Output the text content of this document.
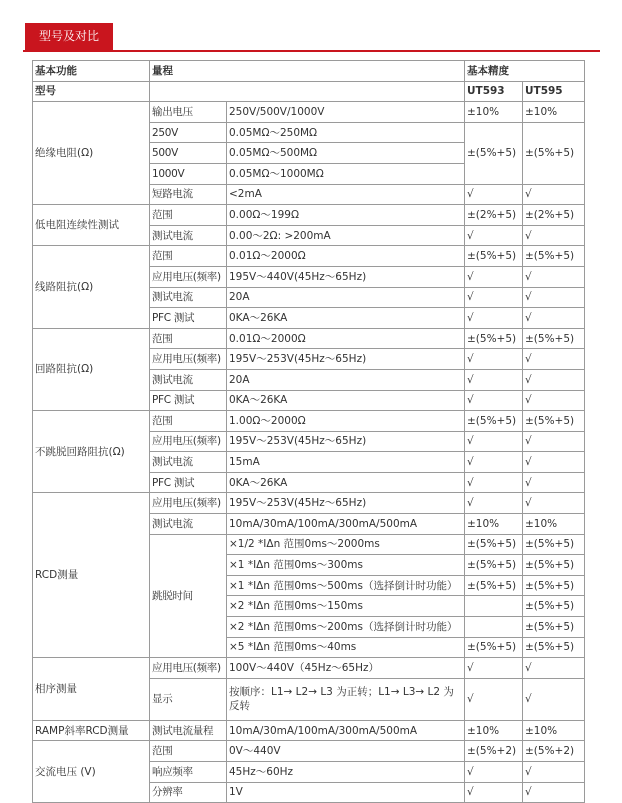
型号及对比
基本功能	量程		基本精度	
型号			UT593	UT595
绝缘电阻(Ω)	输出电压	250V/500V/1000V	±10%	±10%
	250V	0.05MΩ～250MΩ	±(5%+5)	±(5%+5)
	500V	0.05MΩ～500MΩ		
	1000V	0.05MΩ～1000MΩ		
	短路电流	<2mA	√	√
低电阻连续性测试	范围	0.00Ω～199Ω	±(2%+5)	±(2%+5)
	测试电流	0.00～2Ω: >200mA	√	√
线路阻抗(Ω)	范围	0.01Ω～2000Ω	±(5%+5)	±(5%+5)
	应用电压(频率)	195V～440V(45Hz～65Hz)	√	√
	测试电流	20A	√	√
	PFC 测试	0KA～26KA	√	√
回路阻抗(Ω)	范围	0.01Ω～2000Ω	±(5%+5)	±(5%+5)
	应用电压(频率)	195V～253V(45Hz～65Hz)	√	√
	测试电流	20A	√	√
	PFC 测试	0KA～26KA	√	√
不跳脱回路阻抗(Ω)	范围	1.00Ω～2000Ω	±(5%+5)	±(5%+5)
	应用电压(频率)	195V～253V(45Hz～65Hz)	√	√
	测试电流	15mA	√	√
	PFC 测试	0KA～26KA	√	√
RCD测量	应用电压(频率)	195V～253V(45Hz～65Hz)	√	√
	测试电流	10mA/30mA/100mA/300mA/500mA	±10%	±10%
	跳脱时间	×1/2 *IΔn 范围0ms～2000ms	±(5%+5)	±(5%+5)
		×1 *IΔn 范围0ms～300ms	±(5%+5)	±(5%+5)
		×1 *IΔn 范围0ms～500ms（选择倒计时功能）	±(5%+5)	±(5%+5)
		×2 *IΔn 范围0ms～150ms		±(5%+5)
		×2 *IΔn 范围0ms～200ms（选择倒计时功能）		±(5%+5)
		×5 *IΔn 范围0ms～40ms	±(5%+5)	±(5%+5)
相序测量	应用电压(频率)	100V～440V（45Hz～65Hz）	√	√
	显示	按顺序：L1→ L2→ L3 为正转；L1→ L3→ L2 为反转	√	√
RAMP斜率RCD测量	测试电流量程	10mA/30mA/100mA/300mA/500mA	±10%	±10%
交流电压 (V)	范围	0V～440V	±(5%+2)	±(5%+2)
	响应频率	45Hz～60Hz	√	√
	分辨率	1V	√	√
